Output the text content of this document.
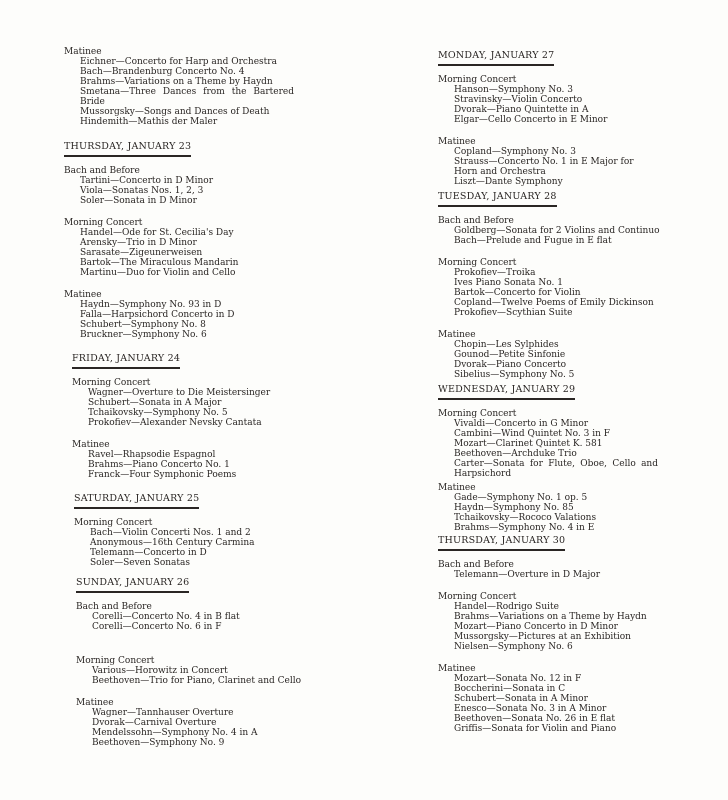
Matinee
Eichner—Concerto for Harp and Orchestra
Bach—Brandenburg Concerto No. 4
Brahms—Variations on a Theme by Haydn
Smetana—Three Dances from the Bartered Bride
Mussorgsky—Songs and Dances of Death
Hindemith—Mathis der Maler
THURSDAY, JANUARY 23
Bach and Before
Tartini—Concerto in D Minor
Viola—Sonatas Nos. 1, 2, 3
Soler—Sonata in D Minor
Morning Concert
Handel—Ode for St. Cecilia's Day
Arensky—Trio in D Minor
Sarasate—Zigeunerweisen
Bartok—The Miraculous Mandarin
Martinu—Duo for Violin and Cello
Matinee
Haydn—Symphony No. 93 in D
Falla—Harpsichord Concerto in D
Schubert—Symphony No. 8
Bruckner—Symphony No. 6
FRIDAY, JANUARY 24
Morning Concert
Wagner—Overture to Die Meistersinger
Schubert—Sonata in A Major
Tchaikovsky—Symphony No. 5
Prokofiev—Alexander Nevsky Cantata
Matinee
Ravel—Rhapsodie Espagnol
Brahms—Piano Concerto No. 1
Franck—Four Symphonic Poems
SATURDAY, JANUARY 25
Morning Concert
Bach—Violin Concerti Nos. 1 and 2
Anonymous—16th Century Carmina
Telemann—Concerto in D
Soler—Seven Sonatas
SUNDAY, JANUARY 26
Bach and Before
Corelli—Concerto No. 4 in B flat
Corelli—Concerto No. 6 in F
Morning Concert
Various—Horowitz in Concert
Beethoven—Trio for Piano, Clarinet and Cello
Matinee
Wagner—Tannhauser Overture
Dvorak—Carnival Overture
Mendelssohn—Symphony No. 4 in A
Beethoven—Symphony No. 9
MONDAY, JANUARY 27
Morning Concert
Hanson—Symphony No. 3
Stravinsky—Violin Concerto
Dvorak—Piano Quintette in A
Elgar—Cello Concerto in E Minor
Matinee
Copland—Symphony No. 3
Strauss—Concerto No. 1 in E Major for Horn and Orchestra
Liszt—Dante Symphony
TUESDAY, JANUARY 28
Bach and Before
Goldberg—Sonata for 2 Violins and Continuo
Bach—Prelude and Fugue in E flat
Morning Concert
Prokofiev—Troika
Ives Piano Sonata No. 1
Bartok—Concerto for Violin
Copland—Twelve Poems of Emily Dickinson
Prokofiev—Scythian Suite
Matinee
Chopin—Les Sylphides
Gounod—Petite Sinfonie
Dvorak—Piano Concerto
Sibelius—Symphony No. 5
WEDNESDAY, JANUARY 29
Morning Concert
Vivaldi—Concerto in G Minor
Cambini—Wind Quintet No. 3 in F
Mozart—Clarinet Quintet K. 581
Beethoven—Archduke Trio
Carter—Sonata for Flute, Oboe, Cello and Harpsichord
Matinee
Gade—Symphony No. 1 op. 5
Haydn—Symphony No. 85
Tchaikovsky—Rococo Valations
Brahms—Symphony No. 4 in E
THURSDAY, JANUARY 30
Bach and Before
Telemann—Overture in D Major
Morning Concert
Handel—Rodrigo Suite
Brahms—Variations on a Theme by Haydn
Mozart—Piano Concerto in D Minor
Mussorgsky—Pictures at an Exhibition
Nielsen—Symphony No. 6
Matinee
Mozart—Sonata No. 12 in F
Boccherini—Sonata in C
Schubert—Sonata in A Minor
Enesco—Sonata No. 3 in A Minor
Beethoven—Sonata No. 26 in E flat
Griffis—Sonata for Violin and Piano
